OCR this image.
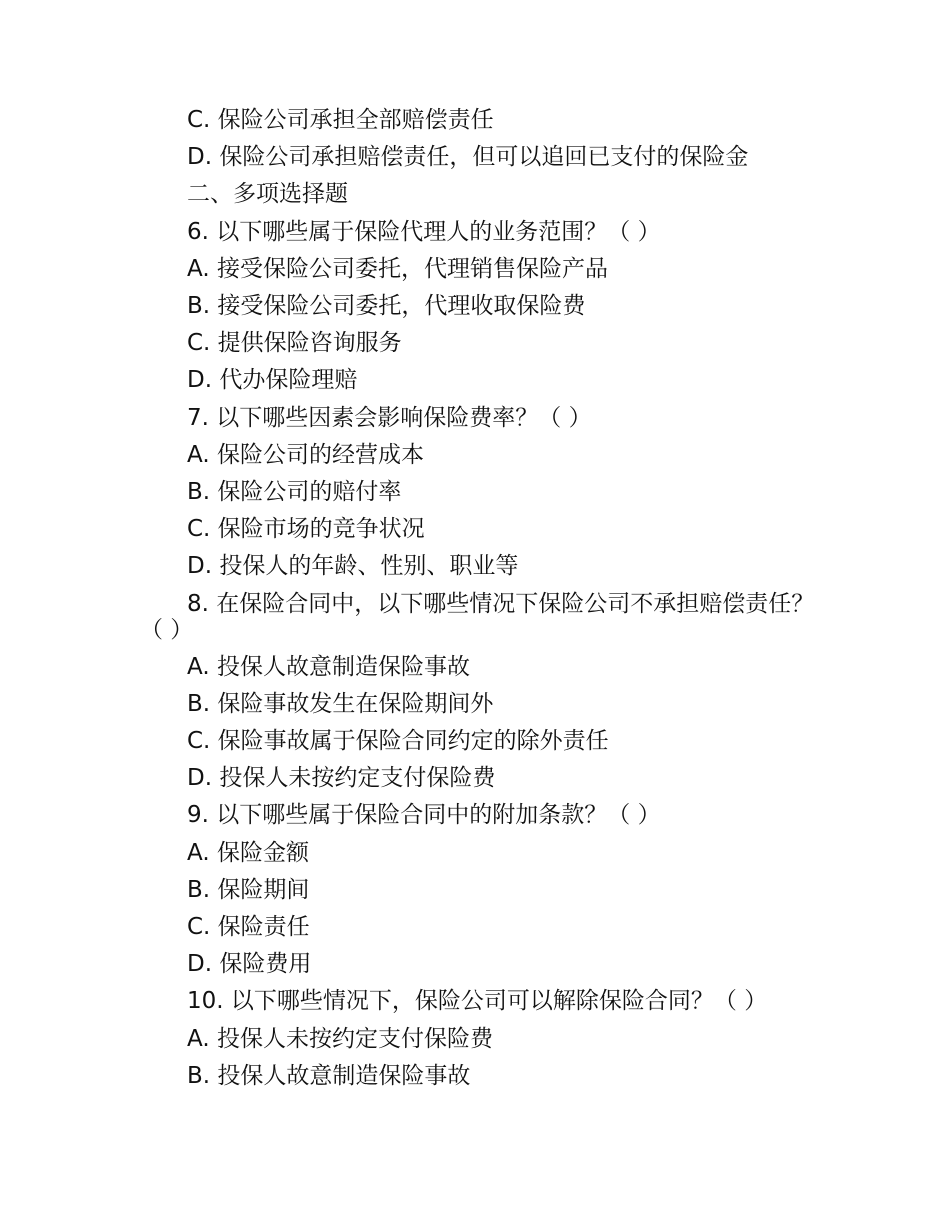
C. 保险公司承担全部赔偿责任

D. 保险公司承担赔偿责任，但可以追回已支付的保险金

二、多项选择题

6. 以下哪些属于保险代理人的业务范围？（ ）

A. 接受保险公司委托，代理销售保险产品

B. 接受保险公司委托，代理收取保险费

C. 提供保险咨询服务

D. 代办保险理赔

7. 以下哪些因素会影响保险费率？（ ）

A. 保险公司的经营成本

B. 保险公司的赔付率

C. 保险市场的竞争状况

D. 投保人的年龄、性别、职业等

8. 在保险合同中，以下哪些情况下保险公司不承担赔偿责任？（ ）

A. 投保人故意制造保险事故

B. 保险事故发生在保险期间外

C. 保险事故属于保险合同约定的除外责任

D. 投保人未按约定支付保险费

9. 以下哪些属于保险合同中的附加条款？（ ）

A. 保险金额

B. 保险期间

C. 保险责任

D. 保险费用

10. 以下哪些情况下，保险公司可以解除保险合同？（ ）

A. 投保人未按约定支付保险费

B. 投保人故意制造保险事故
